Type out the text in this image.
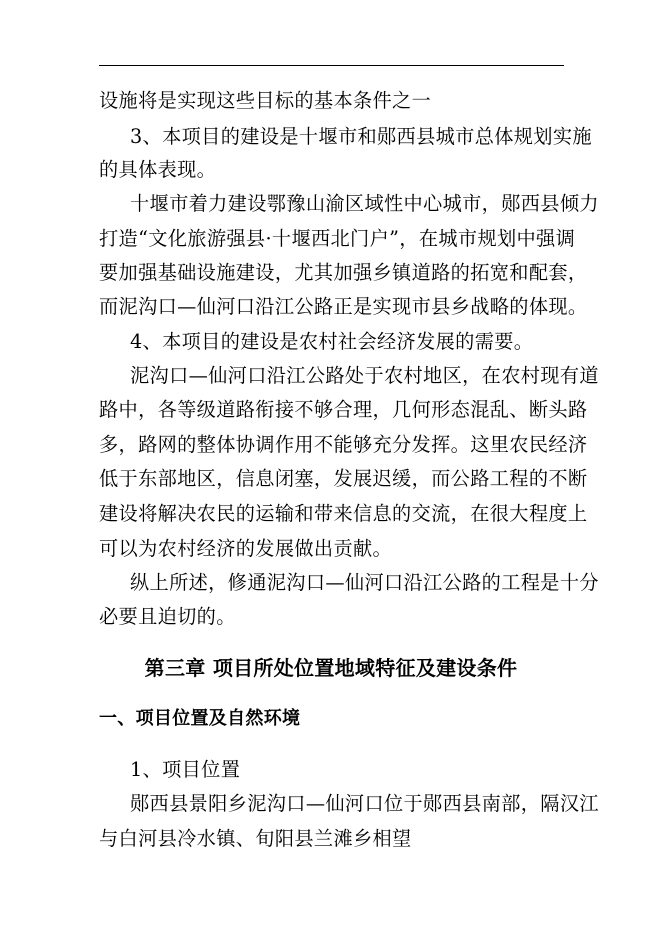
设施将是实现这些目标的基本条件之一
3、本项目的建设是十堰市和郧西县城市总体规划实施
的具体表现。
十堰市着力建设鄂豫山渝区域性中心城市，郧西县倾力
打造“文化旅游强县·十堰西北门户”，在城市规划中强调
要加强基础设施建设，尤其加强乡镇道路的拓宽和配套，
而泥沟口—仙河口沿江公路正是实现市县乡战略的体现。
4、本项目的建设是农村社会经济发展的需要。
泥沟口—仙河口沿江公路处于农村地区，在农村现有道
路中，各等级道路衔接不够合理，几何形态混乱、断头路
多，路网的整体协调作用不能够充分发挥。这里农民经济
低于东部地区，信息闭塞，发展迟缓，而公路工程的不断
建设将解决农民的运输和带来信息的交流，在很大程度上
可以为农村经济的发展做出贡献。
纵上所述，修通泥沟口—仙河口沿江公路的工程是十分
必要且迫切的。
第三章 项目所处位置地域特征及建设条件
一、项目位置及自然环境
1、项目位置
郧西县景阳乡泥沟口—仙河口位于郧西县南部，隔汉江
与白河县冷水镇、旬阳县兰滩乡相望
